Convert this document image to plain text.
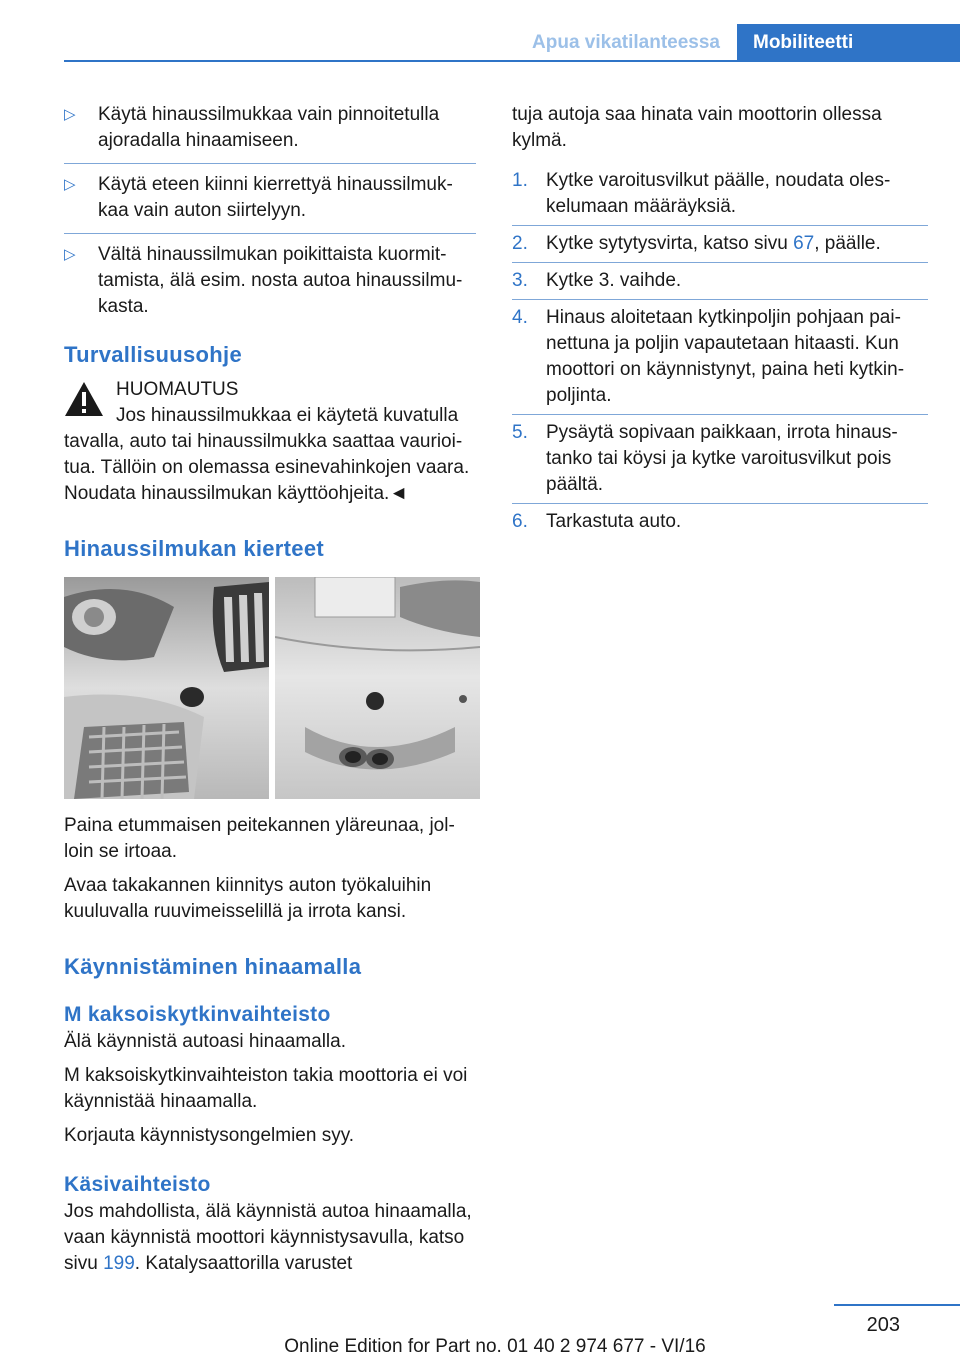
Apua vikatilanteessa	Mobiliteetti
▷ Käytä hinaussilmukkaa vain pinnoitetulla ajoradalla hinaamiseen.
▷ Käytä eteen kiinni kierrettyä hinaussilmukkaa vain auton siirtelyyn.
▷ Vältä hinaussilmukan poikittaista kuormittamista, älä esim. nosta autoa hinaussilmukasta.
Turvallisuusohje
HUOMAUTUS
Jos hinaussilmukkaa ei käytetä kuvatulla tavalla, auto tai hinaussilmukka saattaa vaurioitua. Tällöin on olemassa esinevahinkojen vaara. Noudata hinaussilmukan käyttöohjeita.◄
Hinaussilmukan kierteet
Paina etummaisen peitekannen yläreunaa, jolloin se irtoaa.
Avaa takakannen kiinnitys auton työkaluihin kuuluvalla ruuvimeisselillä ja irrota kansi.
Käynnistäminen hinaamalla
M kaksoiskytkinvaihteisto
Älä käynnistä autoasi hinaamalla.
M kaksoiskytkinvaihteiston takia moottoria ei voi käynnistää hinaamalla.
Korjauta käynnistysongelmien syy.
Käsivaihteisto
Jos mahdollista, älä käynnistä autoa hinaamalla, vaan käynnistä moottori käynnistysavulla, katso sivu 199. Katalysaattorilla varustet
tuja autoja saa hinata vain moottorin ollessa kylmä.
1. Kytke varoitusvilkut päälle, noudata oleskelumaan määräyksiä.
2. Kytke sytytysvirta, katso sivu 67, päälle.
3. Kytke 3. vaihde.
4. Hinaus aloitetaan kytkinpoljin pohjaan painettuna ja poljin vapautetaan hitaasti. Kun moottori on käynnistynyt, paina heti kytkinpoljinta.
5. Pysäytä sopivaan paikkaan, irrota hinaustanko tai köysi ja kytke varoitusvilkut pois päältä.
6. Tarkastuta auto.
203
Online Edition for Part no. 01 40 2 974 677 - VI/16
